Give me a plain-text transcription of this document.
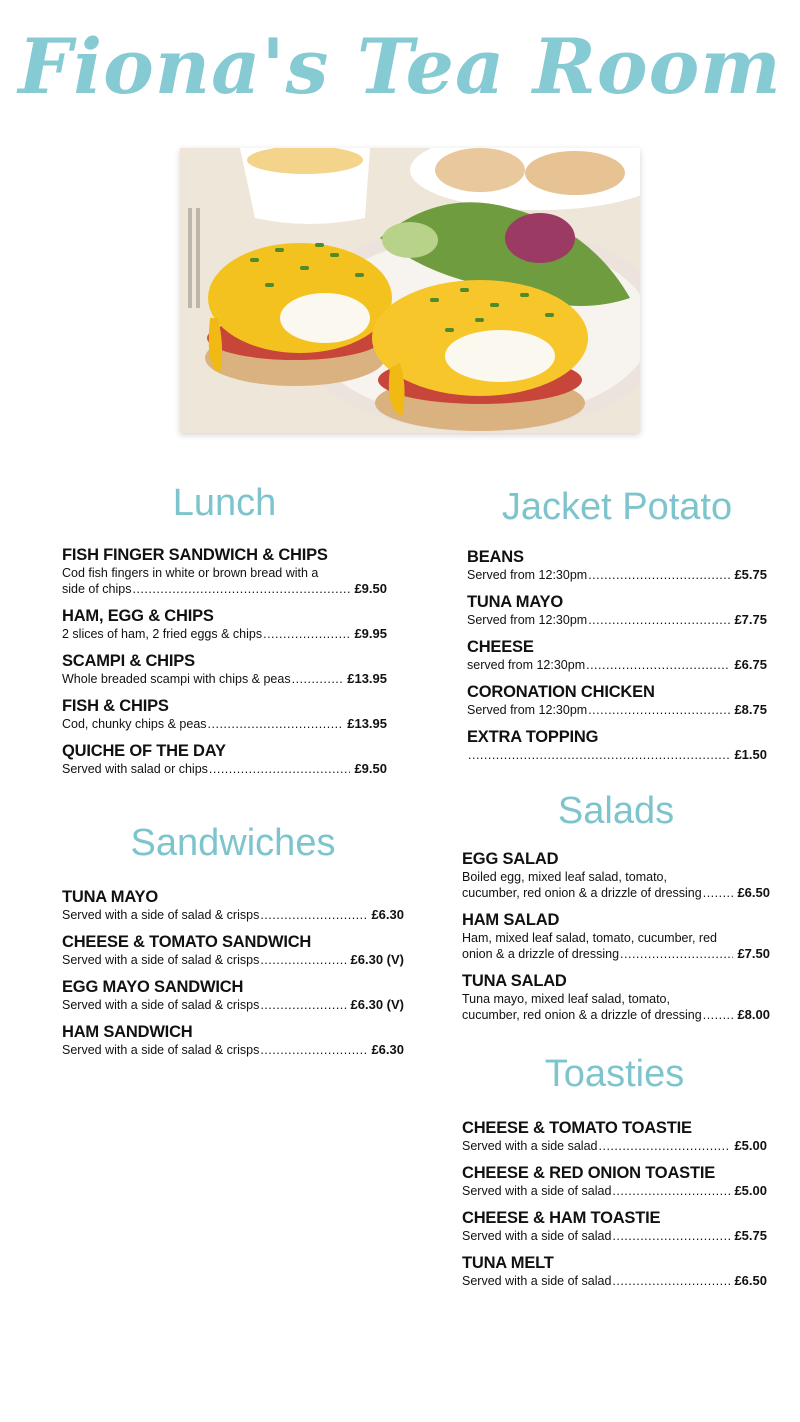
Fiona's Tea Room
Lunch
FISH FINGER SANDWICH & CHIPS
Cod fish fingers in white or brown bread with a
side of chips .....	£9.50
HAM, EGG & CHIPS
2 slices of ham, 2 fried eggs & chips .....	£9.95
SCAMPI & CHIPS
Whole breaded scampi with chips & peas .....	£13.95
FISH & CHIPS
Cod, chunky chips & peas .....	£13.95
QUICHE OF THE DAY
Served with salad or chips .....	£9.50
Sandwiches
TUNA MAYO
Served with a side of salad & crisps .....	£6.30
CHEESE & TOMATO SANDWICH
Served with a side of salad & crisps .....	£6.30 (V)
EGG MAYO SANDWICH
Served with a side of salad & crisps .....	£6.30 (V)
HAM SANDWICH
Served with a side of salad & crisps .....	£6.30
Jacket Potato
BEANS
Served from 12:30pm .....	£5.75
TUNA MAYO
Served from 12:30pm .....	£7.75
CHEESE
served from 12:30pm .....	£6.75
CORONATION CHICKEN
Served from 12:30pm .....	£8.75
EXTRA TOPPING
.....
£1.50
Salads
EGG SALAD
Boiled egg, mixed leaf salad, tomato,
cucumber, red onion & a drizzle of dressing .....	£6.50
HAM SALAD
Ham, mixed leaf salad, tomato, cucumber, red
onion & a drizzle of dressing .....	£7.50
TUNA SALAD
Tuna mayo, mixed leaf salad, tomato,
cucumber, red onion & a drizzle of dressing .....	£8.00
Toasties
CHEESE & TOMATO TOASTIE
Served with a side salad .....	£5.00
CHEESE & RED ONION TOASTIE
Served with a side of salad .....	£5.00
CHEESE & HAM TOASTIE
Served with a side of salad .....	£5.75
TUNA MELT
Served with a side of salad .....	£6.50
